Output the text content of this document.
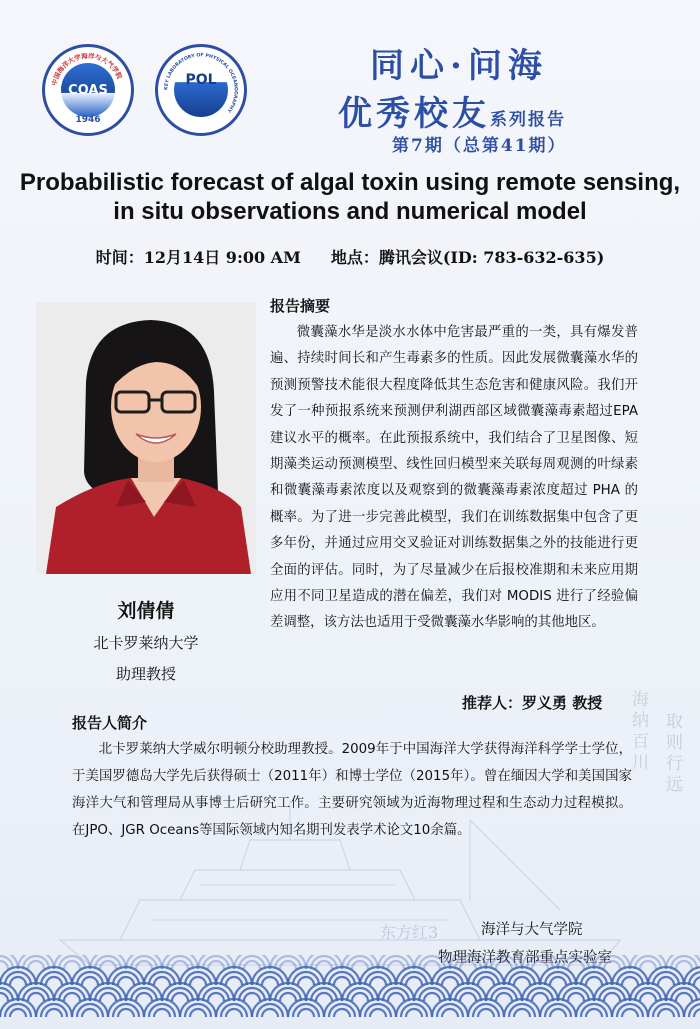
东方红3
海纳百川 取则行远
中国海洋大学海洋与大气学院
COAS
1946
KEY LABORATORY OF PHYSICAL OCEANOGRAPHY
POL	同心·问海
优秀校友系列报告
第7期（总第41期）
Probabilistic forecast of algal toxin using remote sensing,
in situ observations and numerical model
时间：12月14日 9:00 AM 地点：腾讯会议(ID: 783-632-635)
刘倩倩
北卡罗莱纳大学
助理教授
报告摘要
微囊藻水华是淡水水体中危害最严重的一类，具有爆发普遍、持续时间长和产生毒素多的性质。因此发展微囊藻水华的预测预警技术能很大程度降低其生态危害和健康风险。我们开发了一种预报系统来预测伊利湖西部区域微囊藻毒素超过EPA建议水平的概率。在此预报系统中，我们结合了卫星图像、短期藻类运动预测模型、线性回归模型来关联每周观测的叶绿素和微囊藻毒素浓度以及观察到的微囊藻毒素浓度超过 PHA 的概率。为了进一步完善此模型，我们在训练数据集中包含了更多年份，并通过应用交叉验证对训练数据集之外的技能进行更全面的评估。同时，为了尽量减少在后报校准期和未来应用期应用不同卫星造成的潜在偏差，我们对 MODIS 进行了经验偏差调整，该方法也适用于受微囊藻水华影响的其他地区。
推荐人：罗义勇 教授
报告人简介
北卡罗莱纳大学威尔明顿分校助理教授。2009年于中国海洋大学获得海洋科学学士学位，于美国罗德岛大学先后获得硕士（2011年）和博士学位（2015年）。曾在缅因大学和美国国家海洋大气和管理局从事博士后研究工作。主要研究领域为近海物理过程和生态动力过程模拟。在JPO、JGR Oceans等国际领域内知名期刊发表学术论文10余篇。
海洋与大气学院
物理海洋教育部重点实验室
